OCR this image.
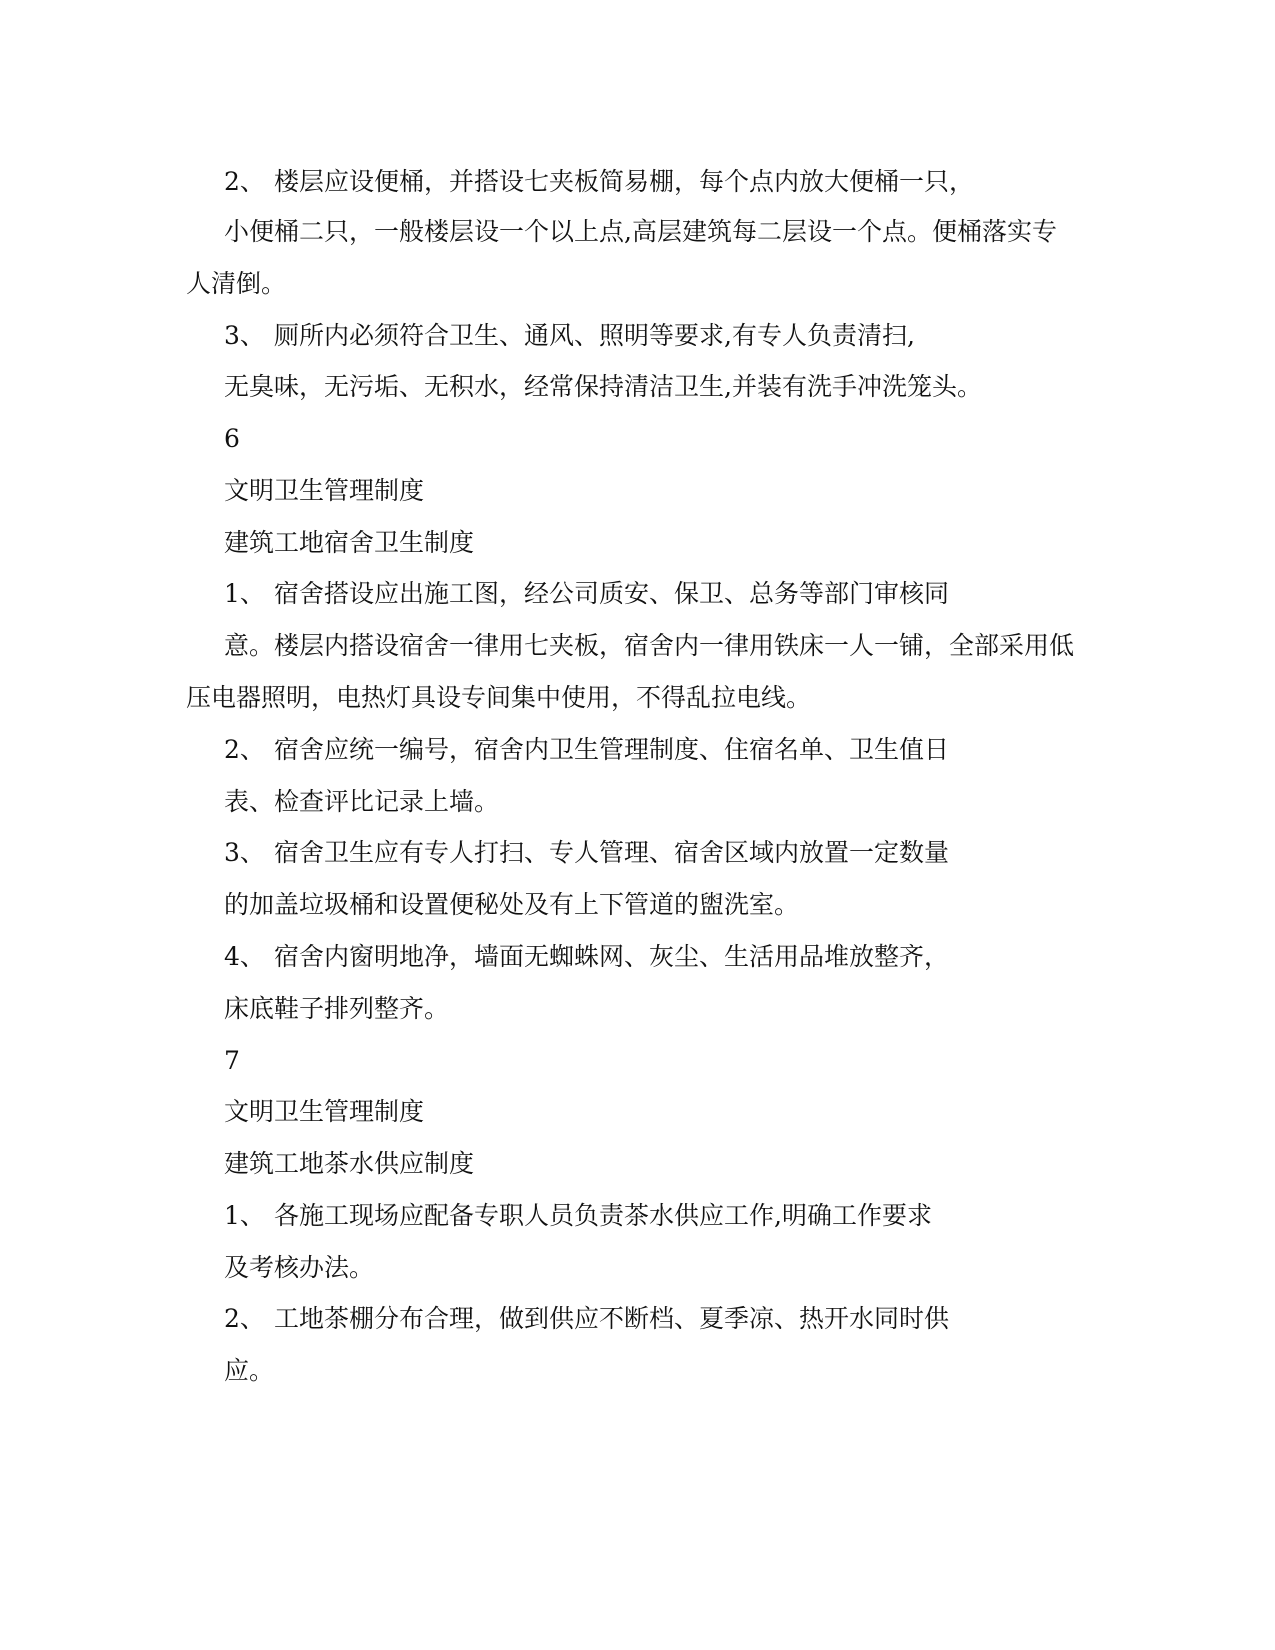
2、 楼层应设便桶，并搭设七夹板简易棚，每个点内放大便桶一只，
小便桶二只，一般楼层设一个以上点,高层建筑每二层设一个点。便桶落实专
人清倒。
3、 厕所内必须符合卫生、通风、照明等要求,有专人负责清扫,
无臭味，无污垢、无积水，经常保持清洁卫生,并装有洗手冲洗笼头。
6
文明卫生管理制度
建筑工地宿舍卫生制度
1、 宿舍搭设应出施工图，经公司质安、保卫、总务等部门审核同
意。楼层内搭设宿舍一律用七夹板，宿舍内一律用铁床一人一铺，全部采用低
压电器照明，电热灯具设专间集中使用，不得乱拉电线。
2、 宿舍应统一编号，宿舍内卫生管理制度、住宿名单、卫生值日
表、检查评比记录上墙。
3、 宿舍卫生应有专人打扫、专人管理、宿舍区域内放置一定数量
的加盖垃圾桶和设置便秘处及有上下管道的盥洗室。
4、 宿舍内窗明地净，墙面无蜘蛛网、灰尘、生活用品堆放整齐，
床底鞋子排列整齐。
7
文明卫生管理制度
建筑工地茶水供应制度
1、 各施工现场应配备专职人员负责茶水供应工作,明确工作要求
及考核办法。
2、 工地茶棚分布合理，做到供应不断档、夏季凉、热开水同时供
应。
